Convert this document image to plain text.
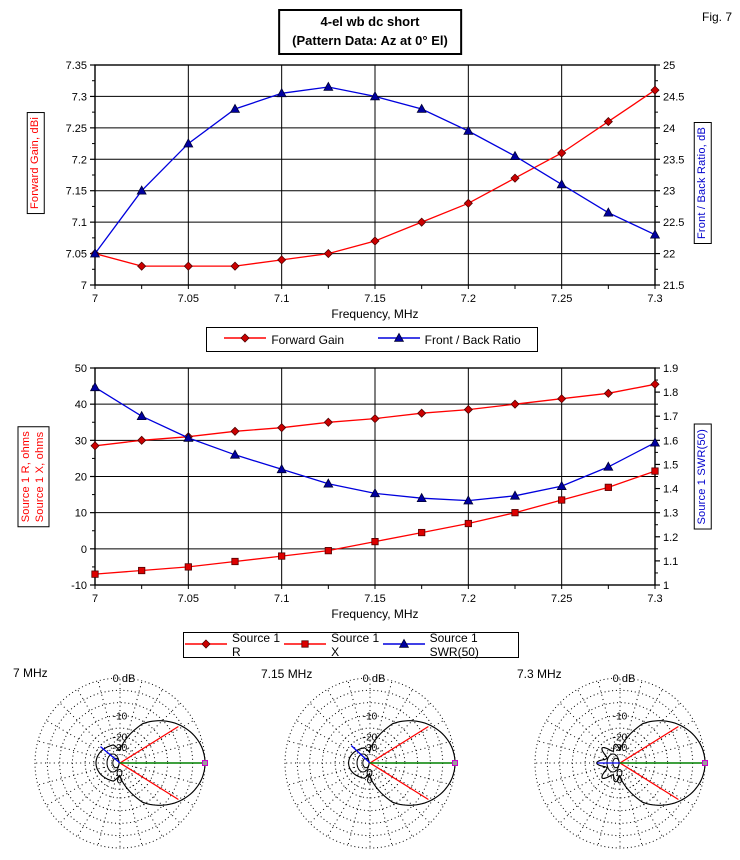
7.35
7.3
7.25
7.2
7.15
7.1
7.05
7
25
24.5
24
23.5
23
22.5
22
21.5
7	7.05	7.1	7.15	7.2	7.25	7.3
50
40
30
20
10
0
-10
1.9
1.8
1.7
1.6
1.5
1.4
1.3
1.2
1.1
1
7	7.05	7.1	7.15	7.2	7.25	7.3
0 dB
-10
-20
-30
0 dB
-10
-20
-30
0 dB
-10
-20
-30
4-el wb dc short
(Pattern Data: Az at 0° El)
Fig. 7
Forward Gain, dBi	Front / Back Ratio, dB
Frequency, MHz
Forward Gain	Front / Back Ratio
Source 1 R, ohms Source 1 X, ohms	Source 1 SWR(50)
Frequency, MHz
Source 1 R
Source 1 X
Source 1 SWR(50)
7 MHz	7.15 MHz	7.3 MHz
